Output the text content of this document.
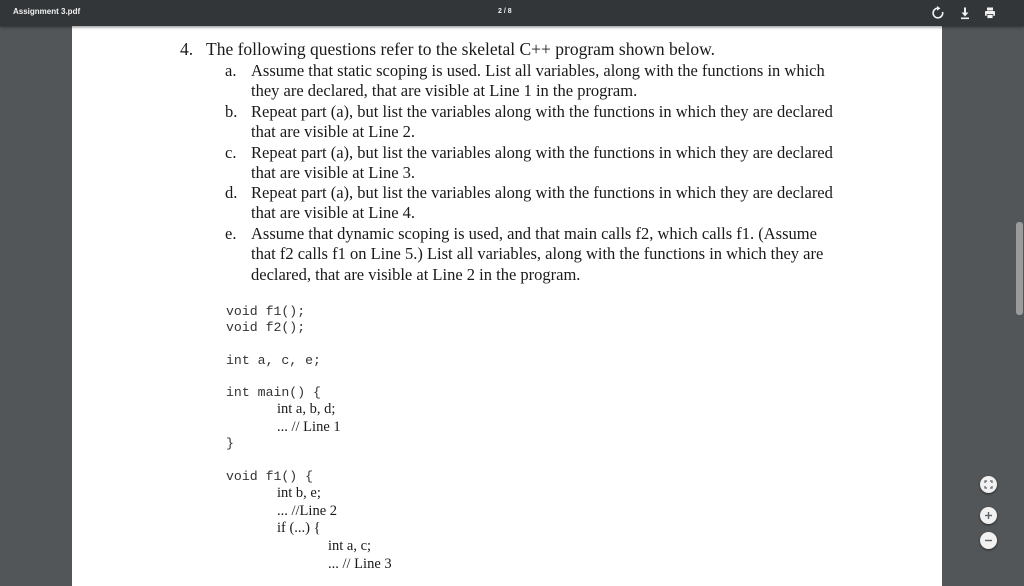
Assignment 3.pdf	2 / 8
4. The following questions refer to the skeletal C++ program shown below.
a. Assume that static scoping is used. List all variables, along with the functions in which they are declared, that are visible at Line 1 in the program.
b. Repeat part (a), but list the variables along with the functions in which they are declared that are visible at Line 2.
c. Repeat part (a), but list the variables along with the functions in which they are declared that are visible at Line 3.
d. Repeat part (a), but list the variables along with the functions in which they are declared that are visible at Line 4.
e. Assume that dynamic scoping is used, and that main calls f2, which calls f1. (Assume that f2 calls f1 on Line 5.) List all variables, along with the functions in which they are declared, that are visible at Line 2 in the program.
void f1();
void f2();
int a, c, e;
int main() {
int a, b, d;
... // Line 1
}
void f1() {
int b, e;
... //Line 2
if (...) {
int a, c;
... // Line 3
